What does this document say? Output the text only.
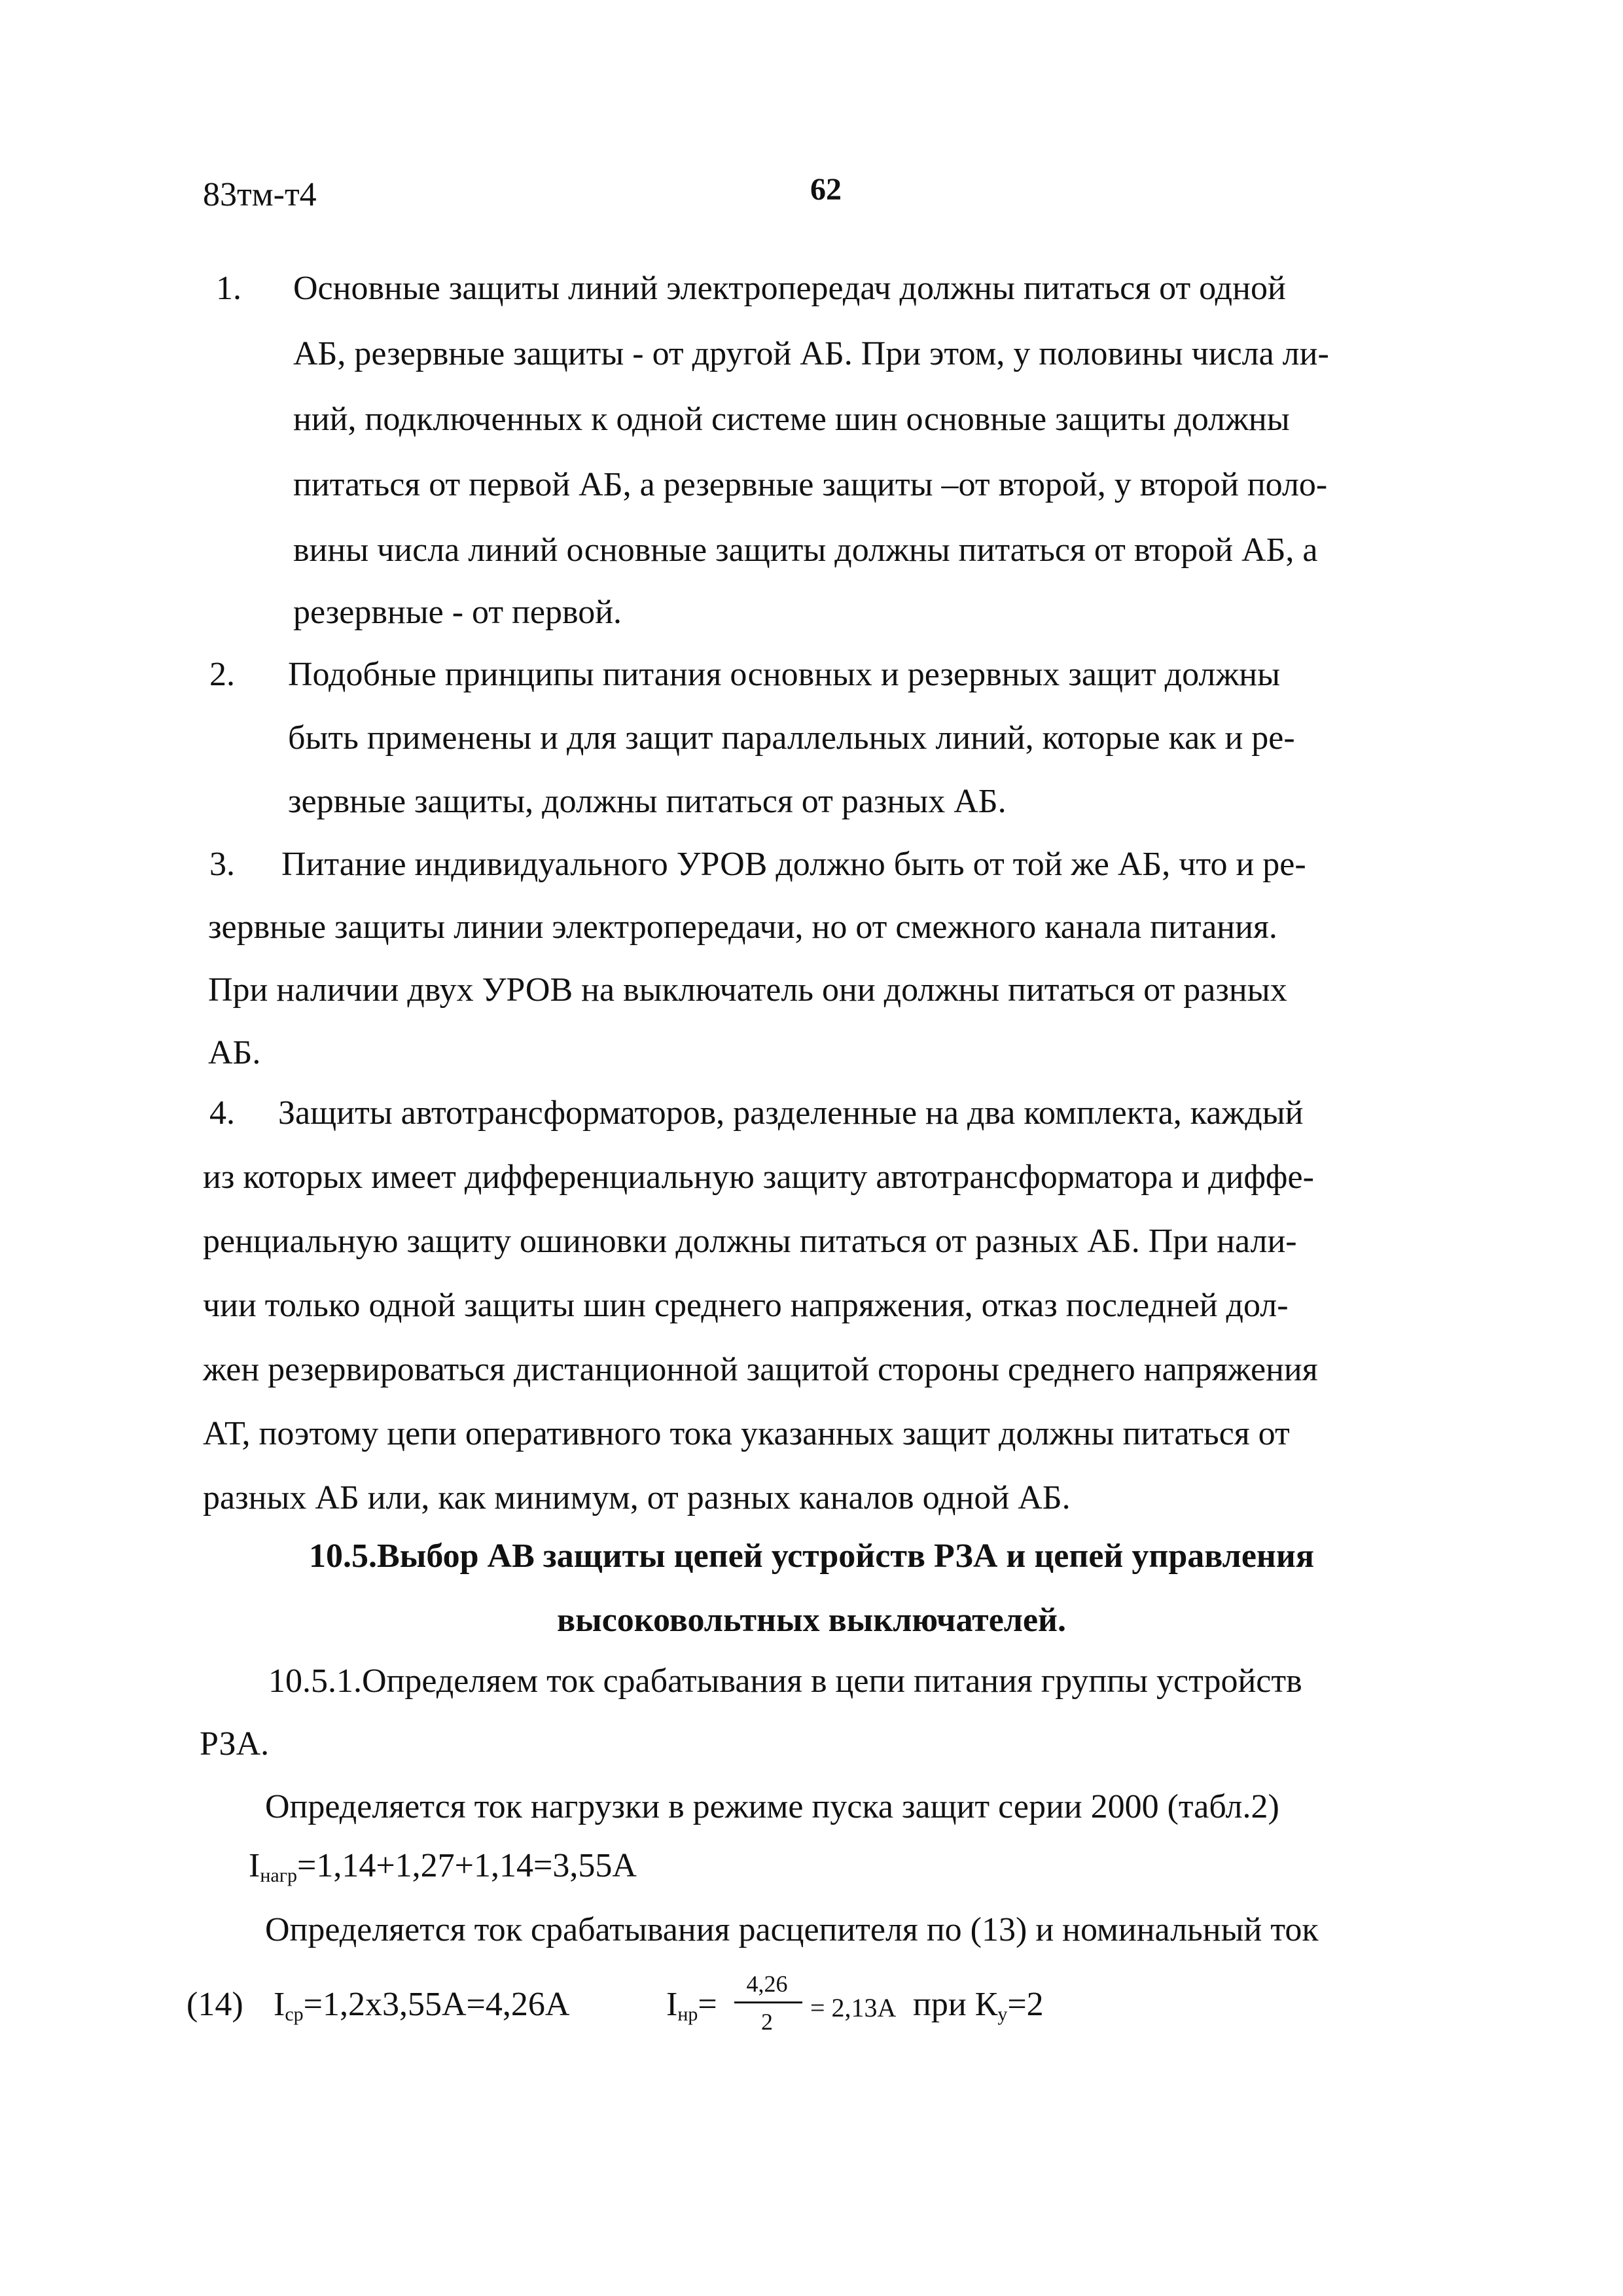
83тм-т4	62
1. Основные защиты линий электропередач должны питаться от одной
АБ, резервные защиты - от другой АБ. При этом, у половины числа ли-
ний, подключенных к одной системе шин основные защиты должны
питаться от первой АБ, а резервные защиты –от второй, у второй поло-
вины числа линий основные защиты должны питаться от второй АБ, а
резервные - от первой.
2. Подобные принципы питания основных и резервных защит должны
быть применены и для защит параллельных линий, которые как и ре-
зервные защиты, должны питаться от разных АБ.
3. Питание индивидуального УРОВ должно быть от той же АБ, что и ре-
зервные защиты линии электропередачи, но от смежного канала питания.
При наличии двух УРОВ на выключатель они должны питаться от разных
АБ.
4. Защиты автотрансформаторов, разделенные на два комплекта, каждый
из которых имеет дифференциальную защиту автотрансформатора и диффе-
ренциальную защиту ошиновки должны питаться от разных АБ. При нали-
чии только одной защиты шин среднего напряжения, отказ последней дол-
жен резервироваться дистанционной защитой стороны среднего напряжения
АТ, поэтому цепи оперативного тока указанных защит должны питаться от
разных АБ или, как минимум, от разных каналов одной АБ.
10.5.Выбор АВ защиты цепей устройств РЗА и цепей управления
высоковольтных выключателей.
10.5.1.Определяем ток срабатывания в цепи питания группы устройств
РЗА.
Определяется ток нагрузки в режиме пуска защит серии 2000 (табл.2)
$I_{нагр}=1,14+1,27+1,14=3,55А$
Определяется ток срабатывания расцепителя по (13) и номинальный ток
(14) $I_{ср}=1,2х3,55А=4,26А$	$I_{нр}=$
4,26
2	= 2,13А при $К_у=2$
